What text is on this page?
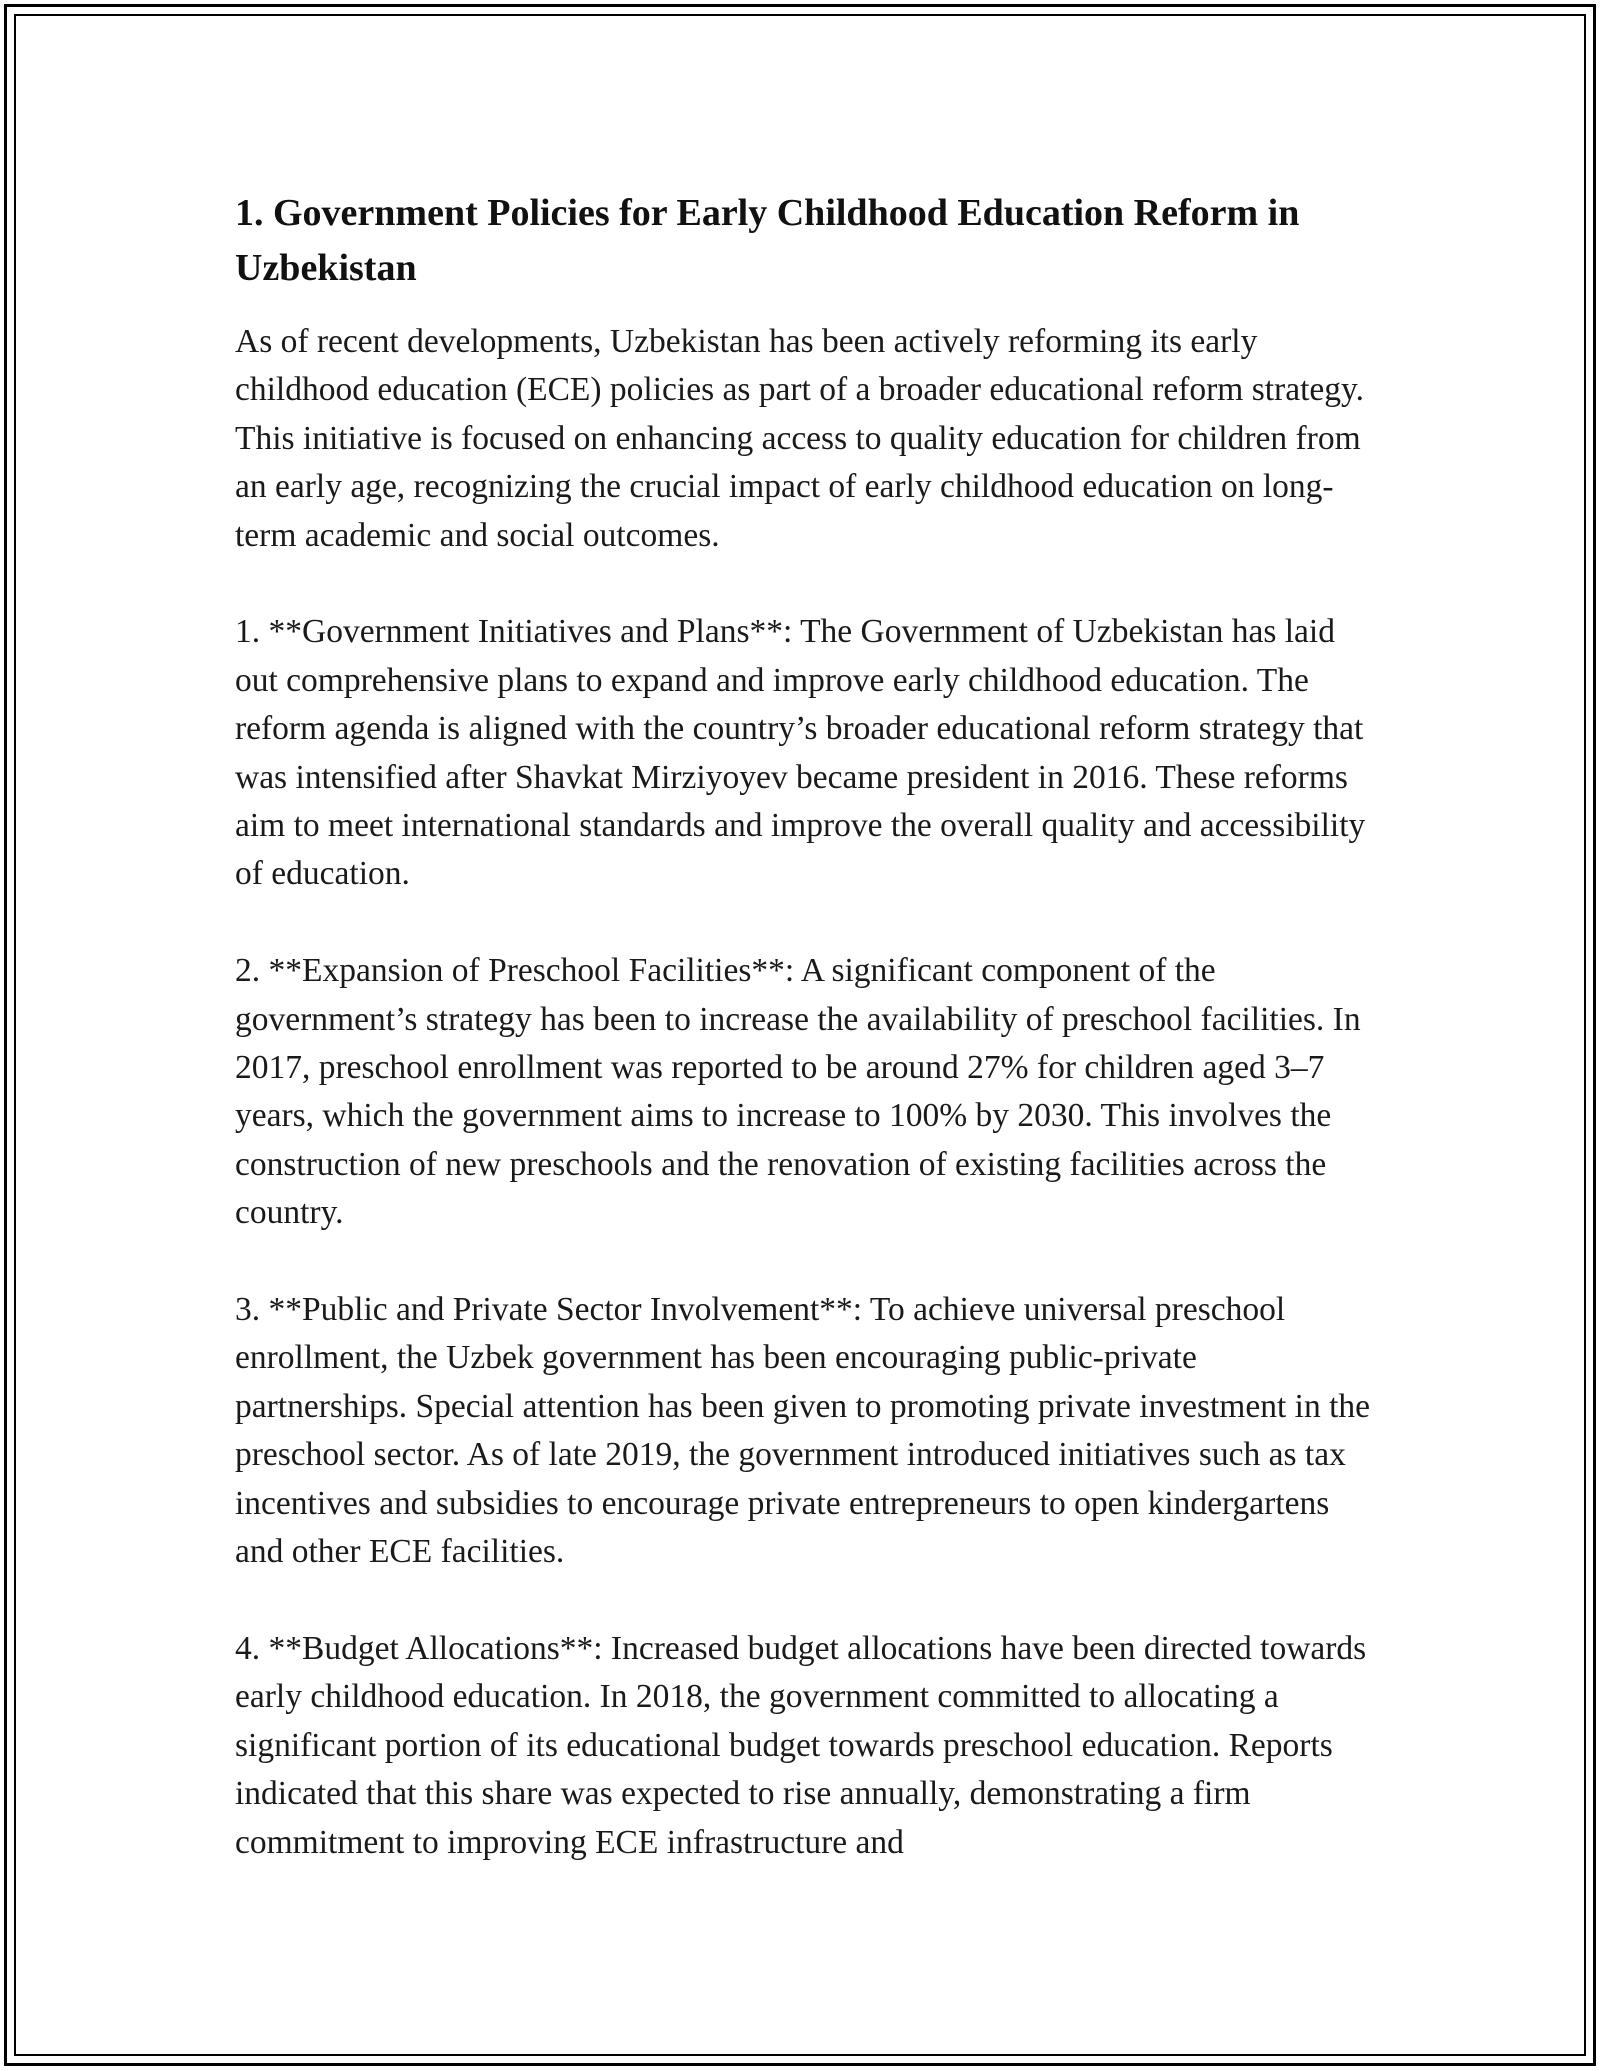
1. Government Policies for Early Childhood Education Reform in Uzbekistan

As of recent developments, Uzbekistan has been actively reforming its early childhood education (ECE) policies as part of a broader educational reform strategy. This initiative is focused on enhancing access to quality education for children from an early age, recognizing the crucial impact of early childhood education on long-term academic and social outcomes.

1. **Government Initiatives and Plans**: The Government of Uzbekistan has laid out comprehensive plans to expand and improve early childhood education. The reform agenda is aligned with the country’s broader educational reform strategy that was intensified after Shavkat Mirziyoyev became president in 2016. These reforms aim to meet international standards and improve the overall quality and accessibility of education.

2. **Expansion of Preschool Facilities**: A significant component of the government’s strategy has been to increase the availability of preschool facilities. In 2017, preschool enrollment was reported to be around 27% for children aged 3–7 years, which the government aims to increase to 100% by 2030. This involves the construction of new preschools and the renovation of existing facilities across the country.

3. **Public and Private Sector Involvement**: To achieve universal preschool enrollment, the Uzbek government has been encouraging public-private partnerships. Special attention has been given to promoting private investment in the preschool sector. As of late 2019, the government introduced initiatives such as tax incentives and subsidies to encourage private entrepreneurs to open kindergartens and other ECE facilities.

4. **Budget Allocations**: Increased budget allocations have been directed towards early childhood education. In 2018, the government committed to allocating a significant portion of its educational budget towards preschool education. Reports indicated that this share was expected to rise annually, demonstrating a firm commitment to improving ECE infrastructure and
